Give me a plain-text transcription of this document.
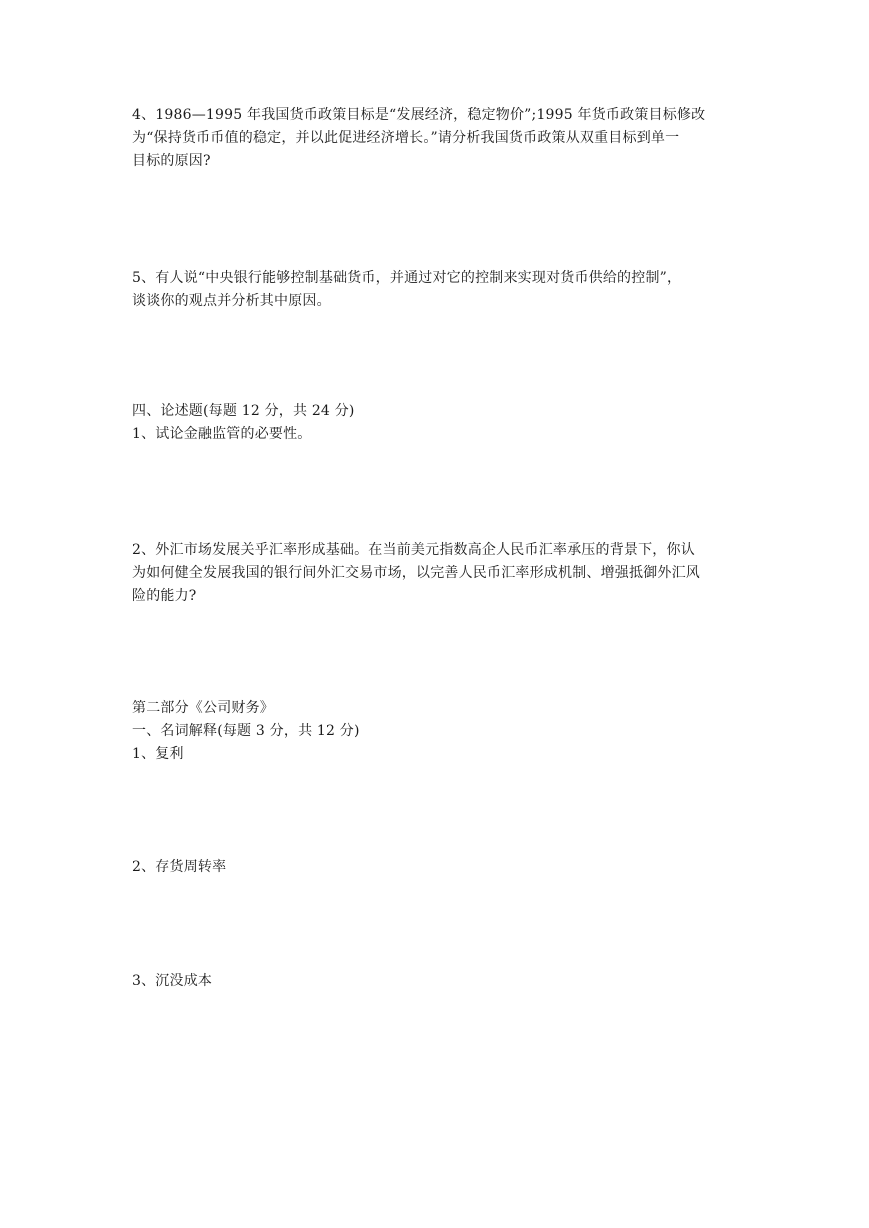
4、1986—1995 年我国货币政策目标是“发展经济，稳定物价”;1995 年货币政策目标修改
为“保持货币币值的稳定，并以此促进经济增长。”请分析我国货币政策从双重目标到单一
目标的原因?
5、有人说“中央银行能够控制基础货币，并通过对它的控制来实现对货币供给的控制”，
谈谈你的观点并分析其中原因。
四、论述题(每题 12 分，共 24 分)
1、试论金融监管的必要性。
2、外汇市场发展关乎汇率形成基础。在当前美元指数高企人民币汇率承压的背景下，你认
为如何健全发展我国的银行间外汇交易市场，以完善人民币汇率形成机制、增强抵御外汇风
险的能力?
第二部分《公司财务》
一、名词解释(每题 3 分，共 12 分)
1、复利
2、存货周转率
3、沉没成本
